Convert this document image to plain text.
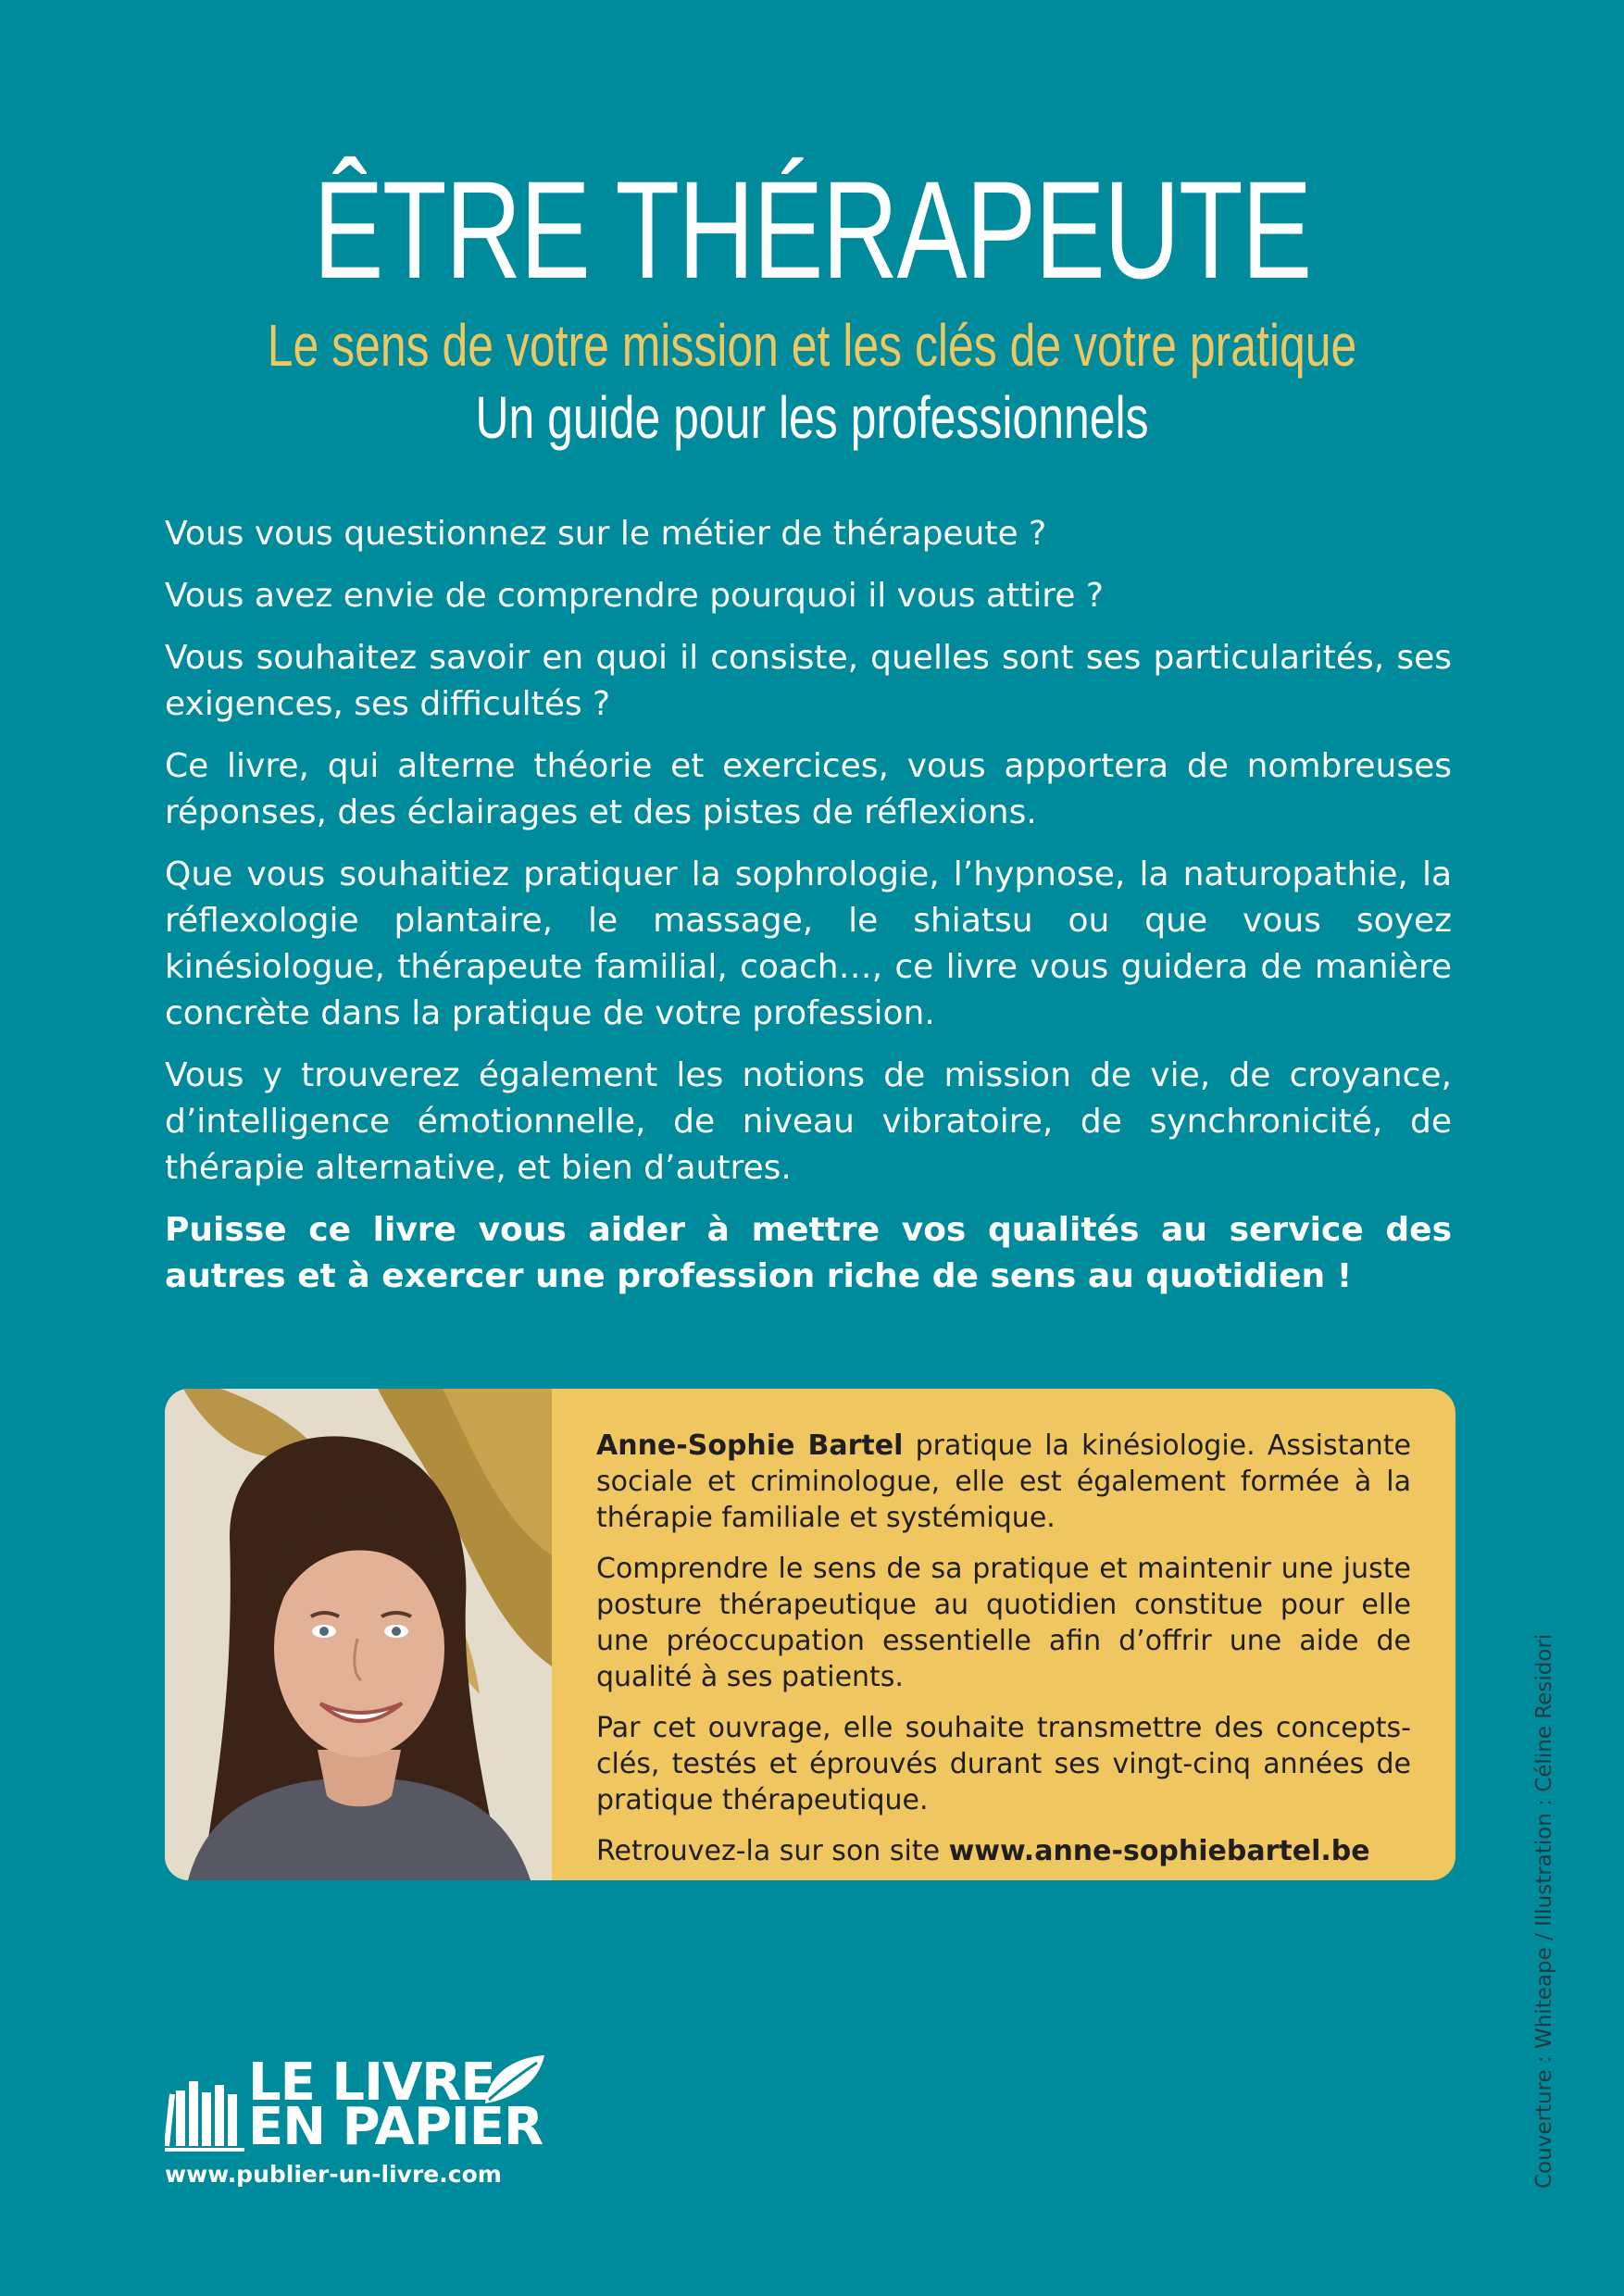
ÊTRE THÉRAPEUTE
Le sens de votre mission et les clés de votre pratique
Un guide pour les professionnels

Vous vous questionnez sur le métier de thérapeute ?

Vous avez envie de comprendre pourquoi il vous attire ?

Vous souhaitez savoir en quoi il consiste, quelles sont ses particularités, ses exigences, ses difficultés ?

Ce livre, qui alterne théorie et exercices, vous apportera de nombreuses réponses, des éclairages et des pistes de réflexions.

Que vous souhaitiez pratiquer la sophrologie, l’hypnose, la naturopathie, la réflexologie plantaire, le massage, le shiatsu ou que vous soyez kinésiologue, thérapeute familial, coach…, ce livre vous guidera de manière concrète dans la pratique de votre profession.

Vous y trouverez également les notions de mission de vie, de croyance, d’intelligence émotionnelle, de niveau vibratoire, de synchronicité, de thérapie alternative, et bien d’autres.

Puisse ce livre vous aider à mettre vos qualités au service des autres et à exercer une profession riche de sens au quotidien !

Anne-Sophie Bartel pratique la kinésiologie. Assistante sociale et criminologue, elle est également formée à la thérapie familiale et systémique.

Comprendre le sens de sa pratique et maintenir une juste posture thérapeutique au quotidien constitue pour elle une préoccupation essentielle afin d’offrir une aide de qualité à ses patients.

Par cet ouvrage, elle souhaite transmettre des concepts-clés, testés et éprouvés durant ses vingt-cinq années de pratique thérapeutique.

Retrouvez-la sur son site www.anne-sophiebartel.be	Couverture : Whiteape / Illustration : Céline Residori
LE LIVRE
EN PAPIER
www.publier-un-livre.com
